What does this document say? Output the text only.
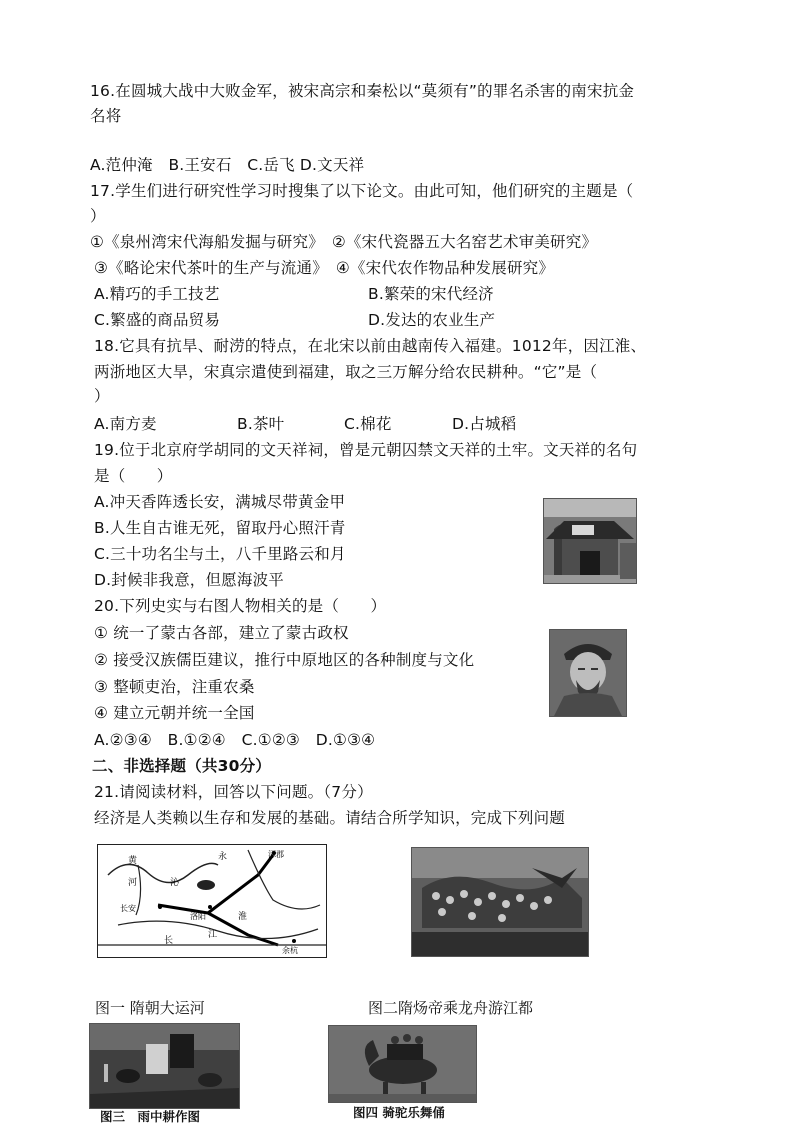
16.在圆城大战中大败金军，被宋高宗和秦松以“莫须有”的罪名杀害的南宋抗金
名将
A.范仲淹　B.王安石　C.岳飞 D.文天祥
17.学生们进行研究性学习时搜集了以下论文。由此可知，他们研究的主题是（
）
①《泉州湾宋代海船发掘与研究》　②《宋代瓷器五大名窑艺术审美研究》
③《略论宋代茶叶的生产与流通》　④《宋代农作物品种发展研究》
A.精巧的手工技艺	B.繁荣的宋代经济
C.繁盛的商品贸易	D.发达的农业生产
18.它具有抗旱、耐涝的特点，在北宋以前由越南传入福建。1012年，因江淮、
两浙地区大旱，宋真宗遣使到福建，取之三万解分给农民耕种。“它”是（
）
A.南方麦	B.茶叶	C.棉花	D.占城稻
19.位于北京府学胡同的文天祥祠，曾是元朝囚禁文天祥的土牢。文天祥的名句
是（　　）
A.冲天香阵透长安，满城尽带黄金甲
B.人生自古谁无死，留取丹心照汗青
C.三十功名尘与土，八千里路云和月
D.封候非我意，但愿海波平
20.下列史实与右图人物相关的是（　　）
① 统一了蒙古各部，建立了蒙古政权
② 接受汉族儒臣建议，推行中原地区的各种制度与文化
③ 整顿吏治，注重农桑
④ 建立元朝并统一全国
A.②③④　B.①②④　C.①②③　D.①③④
二、非选择题（共30分）
21.请阅读材料，回答以下问题。（7分）
经济是人类赖以生存和发展的基础。请结合所学知识，完成下列问题
涿郡
黄
河
长安
洛阳	淮
长
江
余杭
永
沁
图一 隋朝大运河	图二隋炀帝乘龙舟游江都
图三　雨中耕作图	图四 骑驼乐舞俑
